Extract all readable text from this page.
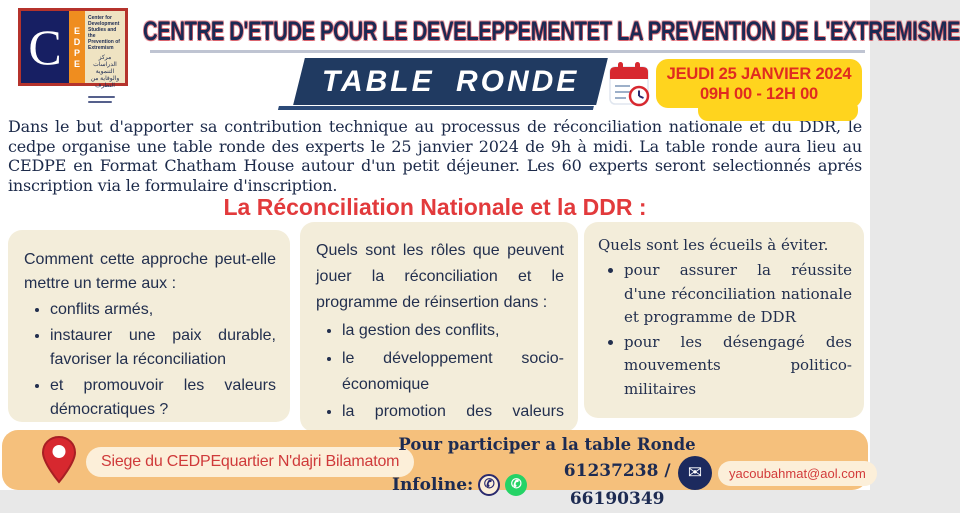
C	E
D
P
E
Center for Development Studies and the Prevention of Extremism
مركز الدراسات التنموية والوقاية من التطرف
CENTRE D'ETUDE POUR LE DEVELEPPEMENTET LA PREVENTION DE L'EXTREMISME
TABLE RONDE	JEUDI 25 JANVIER 2024
09H 00 - 12H 00
Dans le but d'apporter sa contribution technique au processus de réconciliation nationale et du DDR, le cedpe organise une table ronde des experts le 25 janvier 2024 de 9h à midi. La table ronde aura lieu au CEDPE en Format Chatham House autour d'un petit déjeuner. Les 60 experts seront selectionnés aprés inscription via le formulaire d'inscription.
La Réconciliation Nationale et la DDR :

Comment cette approche peut-elle mettre un terme aux :

• conflits armés,
• instaurer une paix durable, favoriser la réconciliation
• et promouvoir les valeurs démocratiques ?

Quels sont les rôles que peuvent jouer la réconciliation et le programme de réinsertion dans :

• la gestion des conflits,
• le développement socio-économique
• la promotion des valeurs

Quels sont les écueils à éviter.

• pour assurer la réussite d'une réconciliation nationale et programme de DDR
• pour les désengagé des mouvements politico-militaires
Siege du CEDPEquartier N'dajri Bilamatom
Pour participer a la table Ronde
Infoline: ✆	✆
61237238 / 66190349
✉	yacoubahmat@aol.com
